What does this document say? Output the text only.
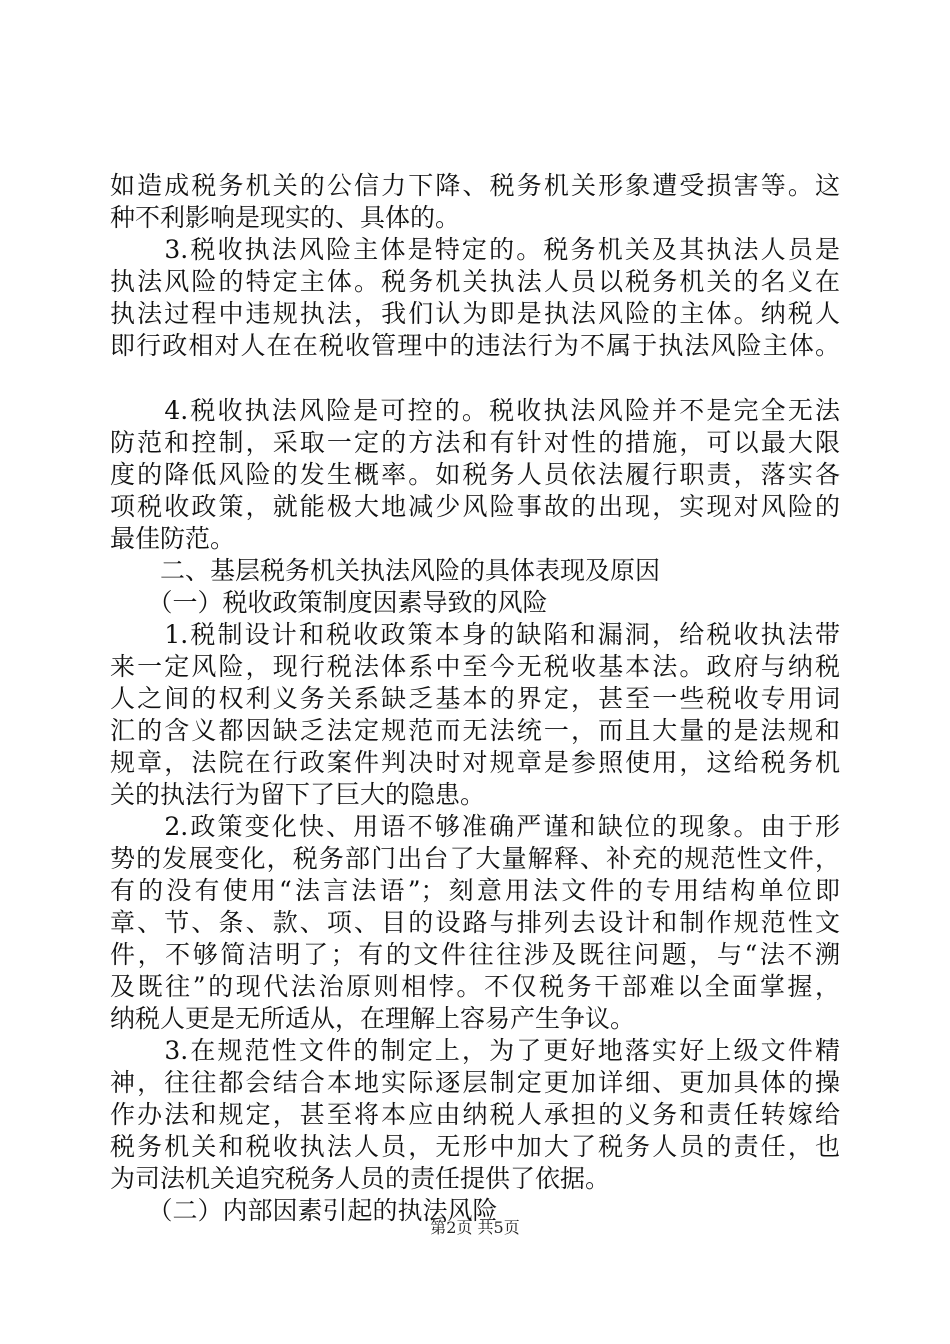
如造成税务机关的公信力下降、税务机关形象遭受损害等。这
种不利影响是现实的、具体的。
　　3.税收执法风险主体是特定的。税务机关及其执法人员是
执法风险的特定主体。税务机关执法人员以税务机关的名义在
执法过程中违规执法，我们认为即是执法风险的主体。纳税人
即行政相对人在在税收管理中的违法行为不属于执法风险主体。
　　4.税收执法风险是可控的。税收执法风险并不是完全无法
防范和控制，采取一定的方法和有针对性的措施，可以最大限
度的降低风险的发生概率。如税务人员依法履行职责，落实各
项税收政策，就能极大地减少风险事故的出现，实现对风险的
最佳防范。
　　二、基层税务机关执法风险的具体表现及原因
　　（一）税收政策制度因素导致的风险
　　1.税制设计和税收政策本身的缺陷和漏洞，给税收执法带
来一定风险，现行税法体系中至今无税收基本法。政府与纳税
人之间的权利义务关系缺乏基本的界定，甚至一些税收专用词
汇的含义都因缺乏法定规范而无法统一，而且大量的是法规和
规章，法院在行政案件判决时对规章是参照使用，这给税务机
关的执法行为留下了巨大的隐患。
　　2.政策变化快、用语不够准确严谨和缺位的现象。由于形
势的发展变化，税务部门出台了大量解释、补充的规范性文件，
有的没有使用“法言法语”；刻意用法文件的专用结构单位即
章、节、条、款、项、目的设路与排列去设计和制作规范性文
件，不够简洁明了；有的文件往往涉及既往问题，与“法不溯
及既往”的现代法治原则相悖。不仅税务干部难以全面掌握，
纳税人更是无所适从，在理解上容易产生争议。
　　3.在规范性文件的制定上，为了更好地落实好上级文件精
神，往往都会结合本地实际逐层制定更加详细、更加具体的操
作办法和规定，甚至将本应由纳税人承担的义务和责任转嫁给
税务机关和税收执法人员，无形中加大了税务人员的责任，也
为司法机关追究税务人员的责任提供了依据。
　　（二）内部因素引起的执法风险
第2页 共5页
